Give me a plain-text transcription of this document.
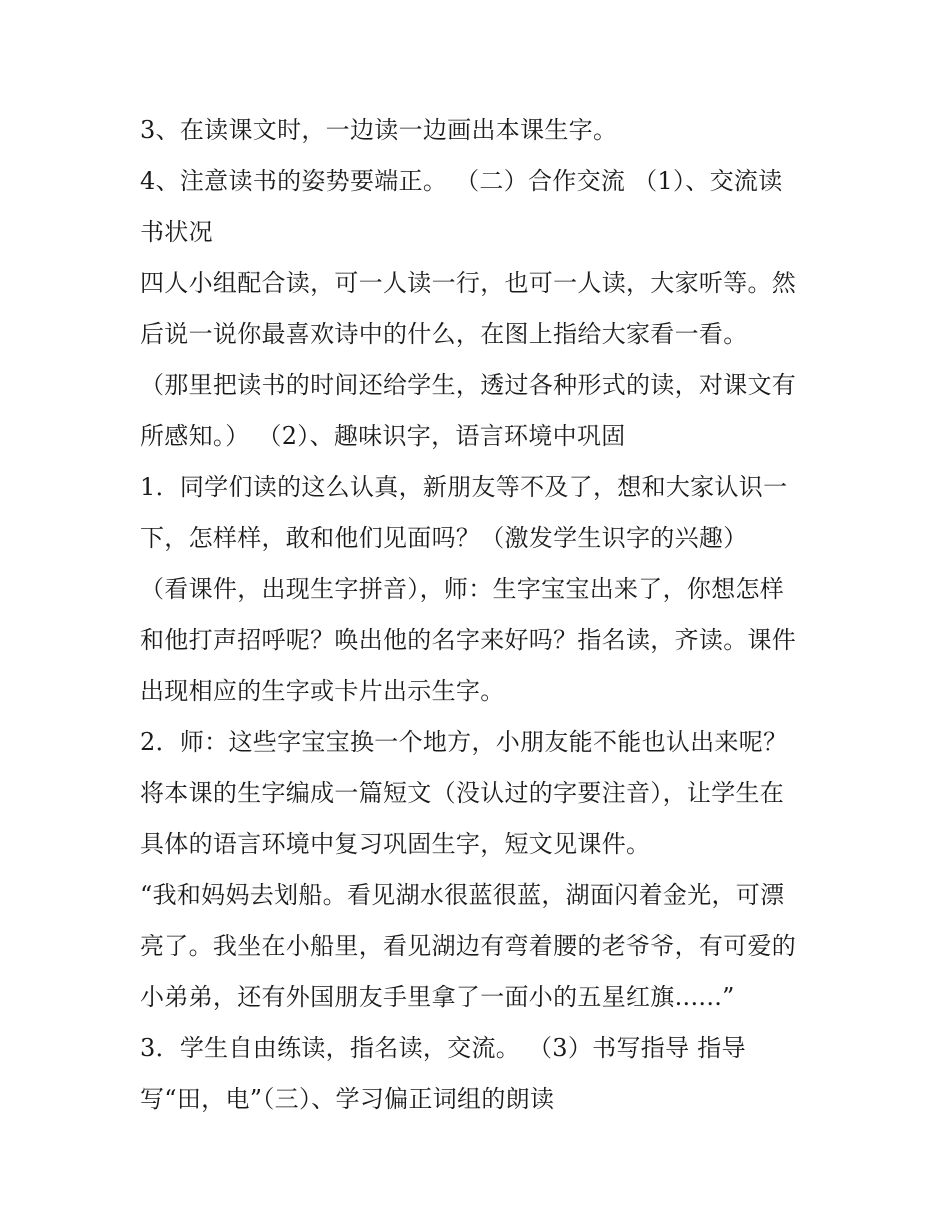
3、在读课文时，一边读一边画出本课生字。
4、注意读书的姿势要端正。 （二）合作交流 （1）、交流读
书状况
四人小组配合读，可一人读一行，也可一人读，大家听等。然
后说一说你最喜欢诗中的什么，在图上指给大家看一看。
（那里把读书的时间还给学生，透过各种形式的读，对课文有
所感知。） （2）、趣味识字，语言环境中巩固
1．同学们读的这么认真，新朋友等不及了，想和大家认识一
下，怎样样，敢和他们见面吗？（激发学生识字的兴趣）
（看课件，出现生字拼音），师：生字宝宝出来了，你想怎样
和他打声招呼呢？唤出他的名字来好吗？指名读，齐读。课件
出现相应的生字或卡片出示生字。
2．师：这些字宝宝换一个地方，小朋友能不能也认出来呢？
将本课的生字编成一篇短文（没认过的字要注音），让学生在
具体的语言环境中复习巩固生字，短文见课件。
“我和妈妈去划船。看见湖水很蓝很蓝，湖面闪着金光，可漂
亮了。我坐在小船里，看见湖边有弯着腰的老爷爷，有可爱的
小弟弟，还有外国朋友手里拿了一面小的五星红旗......”
3．学生自由练读，指名读，交流。 （3）书写指导 指导
写“田，电”（三）、学习偏正词组的朗读
